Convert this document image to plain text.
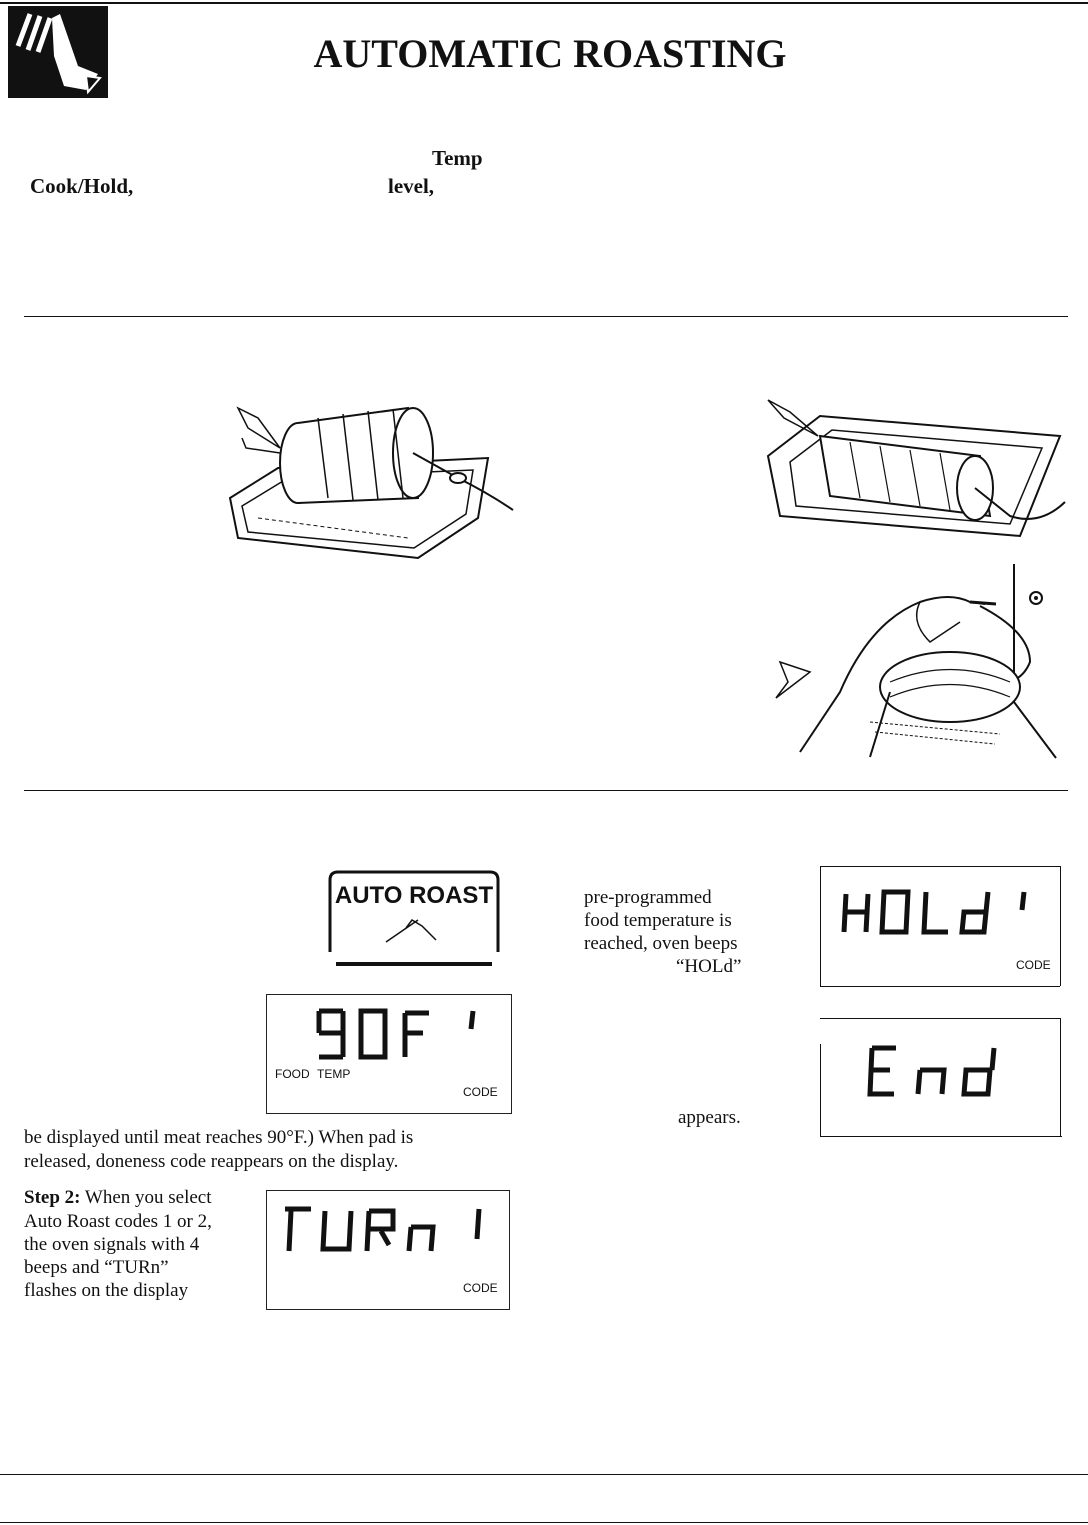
AUTOMATIC ROASTING
Temp
Cook/Hold,	level,
AUTO ROAST
FOOD TEMP
CODE
be displayed until meat reaches 90°F.) When pad is
released, doneness code reappears on the display.
Step 2: When you select
Auto Roast codes 1 or 2,
the oven signals with 4
beeps and “TURn”
flashes on the display	CODE
pre-programmed
food temperature is
reached, oven beeps
“HOLd”	CODE
appears.
